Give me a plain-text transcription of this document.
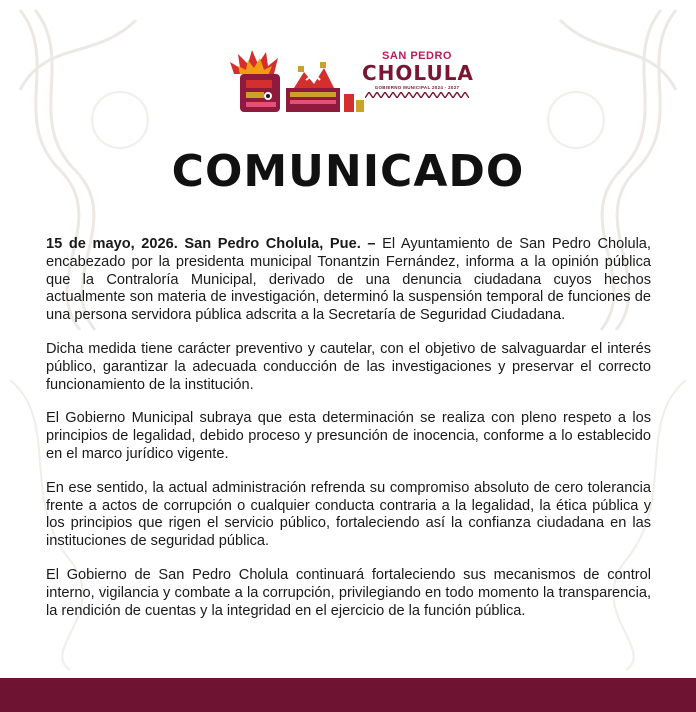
SAN PEDRO
CHOLULA
GOBIERNO MUNICIPAL 2024 - 2027
COMUNICADO

15 de mayo, 2026. San Pedro Cholula, Pue. – El Ayuntamiento de San Pedro Cholula, encabezado por la presidenta municipal Tonantzin Fernández, informa a la opinión pública que la Contraloría Municipal, derivado de una denuncia ciudadana cuyos hechos actualmente son materia de investigación, determinó la suspensión temporal de funciones de una persona servidora pública adscrita a la Secretaría de Seguridad Ciudadana.

Dicha medida tiene carácter preventivo y cautelar, con el objetivo de salvaguardar el interés público, garantizar la adecuada conducción de las investigaciones y preservar el correcto funcionamiento de la institución.

El Gobierno Municipal subraya que esta determinación se realiza con pleno respeto a los principios de legalidad, debido proceso y presunción de inocencia, conforme a lo establecido en el marco jurídico vigente.

En ese sentido, la actual administración refrenda su compromiso absoluto de cero tolerancia frente a actos de corrupción o cualquier conducta contraria a la legalidad, la ética pública y los principios que rigen el servicio público, fortaleciendo así la confianza ciudadana en las instituciones de seguridad pública.

El Gobierno de San Pedro Cholula continuará fortaleciendo sus mecanismos de control interno, vigilancia y combate a la corrupción, privilegiando en todo momento la transparencia, la rendición de cuentas y la integridad en el ejercicio de la función pública.
